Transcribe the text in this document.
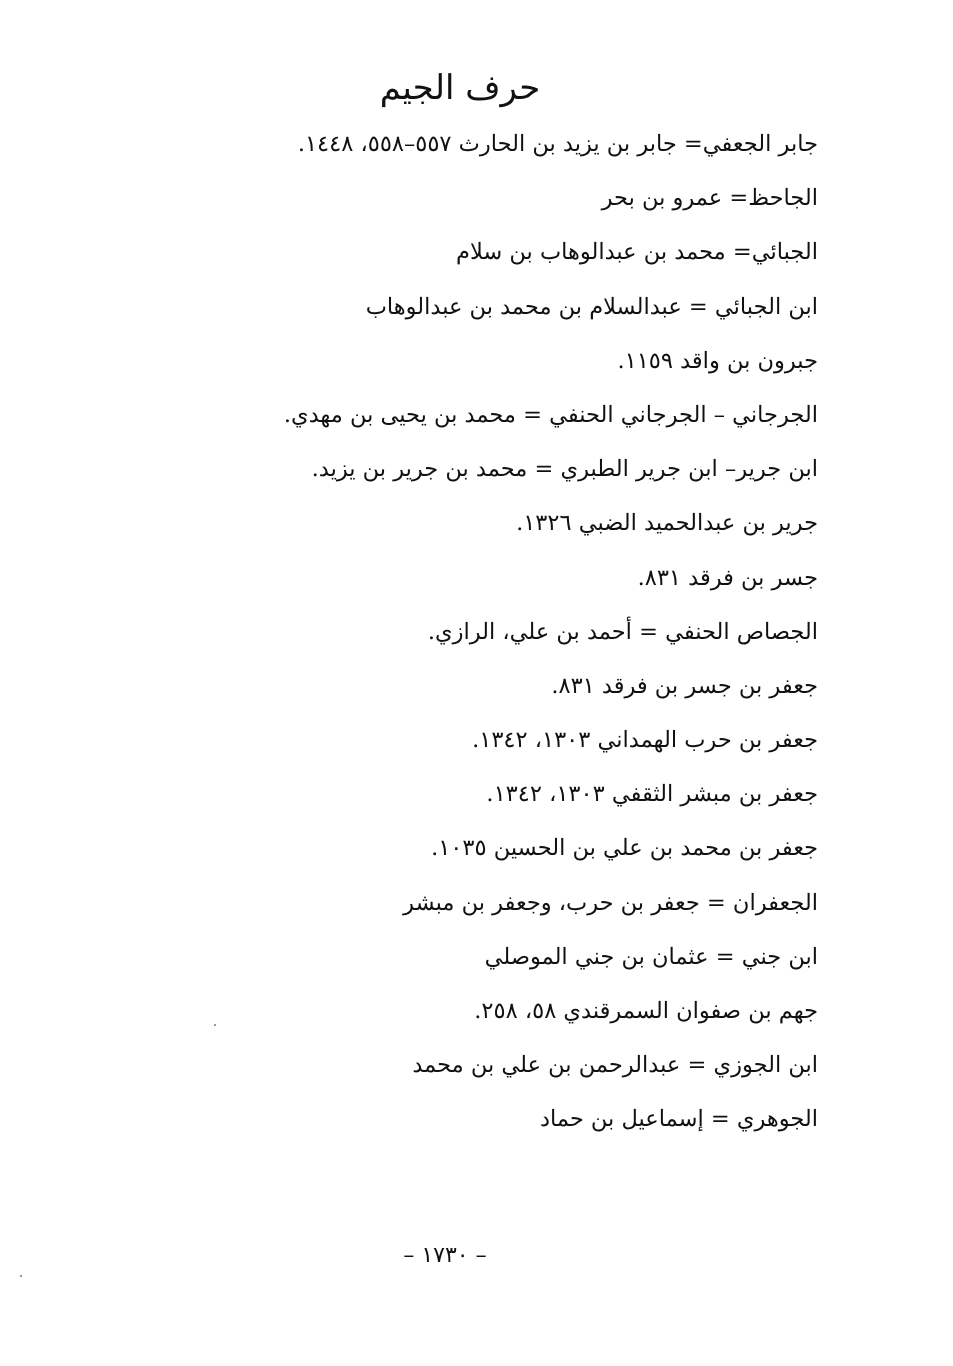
حرف الجيم
جابر الجعفي= جابر بن يزيد بن الحارث ٥٥٧–٥٥٨، ١٤٤٨.
الجاحظ= عمرو بن بحر
الجبائي= محمد بن عبدالوهاب بن سلام
ابن الجبائي = عبدالسلام بن محمد بن عبدالوهاب
جبرون بن واقد ١١٥٩.
الجرجاني – الجرجاني الحنفي = محمد بن يحيى بن مهدي.
ابن جرير– ابن جرير الطبري = محمد بن جرير بن يزيد.
جرير بن عبدالحميد الضبي ١٣٢٦.
جسر بن فرقد ٨٣١.
الجصاص الحنفي = أحمد بن علي، الرازي.
جعفر بن جسر بن فرقد ٨٣١.
جعفر بن حرب الهمداني ١٣٠٣، ١٣٤٢.
جعفر بن مبشر الثقفي ١٣٠٣، ١٣٤٢.
جعفر بن محمد بن علي بن الحسين ١٠٣٥.
الجعفران = جعفر بن حرب، وجعفر بن مبشر
ابن جني = عثمان بن جني الموصلي
جهم بن صفوان السمرقندي ٥٨، ٢٥٨.
ابن الجوزي = عبدالرحمن بن علي بن محمد
الجوهري = إسماعيل بن حماد
– ١٧٣٠ –
